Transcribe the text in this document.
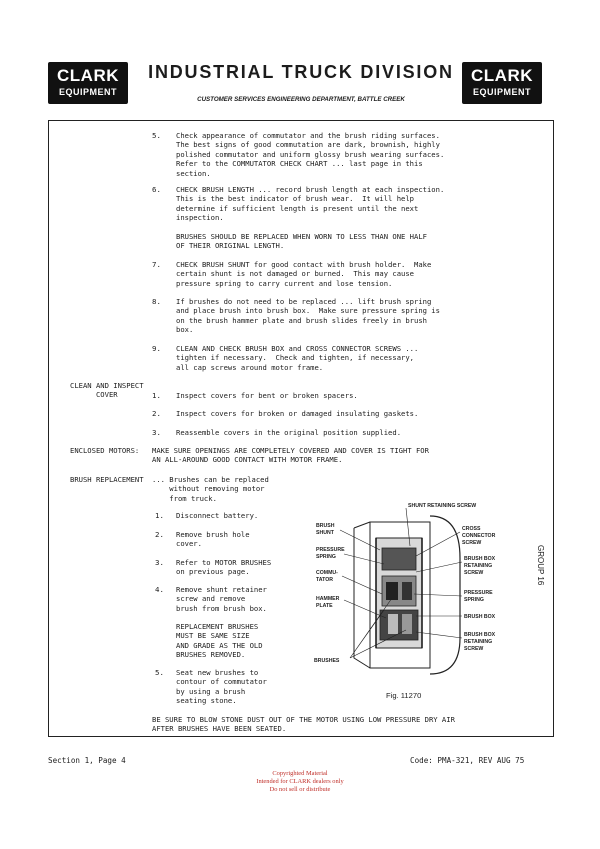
CLARK
EQUIPMENT
CLARK
EQUIPMENT
INDUSTRIAL TRUCK DIVISION
CUSTOMER SERVICES ENGINEERING DEPARTMENT, BATTLE CREEK
5. Check appearance of commutator and the brush riding surfaces.
The best signs of good commutation are dark, brownish, highly
polished commutator and uniform glossy brush wearing surfaces.
Refer to the COMMUTATOR CHECK CHART ... last page in this
section.
6. CHECK BRUSH LENGTH ... record brush length at each inspection.
This is the best indicator of brush wear.  It will help
determine if sufficient length is present until the next
inspection.
BRUSHES SHOULD BE REPLACED WHEN WORN TO LESS THAN ONE HALF
OF THEIR ORIGINAL LENGTH.
7. CHECK BRUSH SHUNT for good contact with brush holder.  Make
certain shunt is not damaged or burned.  This may cause
pressure spring to carry current and lose tension.
8. If brushes do not need to be replaced ... lift brush spring
and place brush into brush box.  Make sure pressure spring is
on the brush hammer plate and brush slides freely in brush
box.
9. CLEAN AND CHECK BRUSH BOX and CROSS CONNECTOR SCREWS ...
tighten if necessary.  Check and tighten, if necessary,
all cap screws around motor frame.
CLEAN AND INSPECT
COVER	1. Inspect covers for bent or broken spacers.
2. Inspect covers for broken or damaged insulating gaskets.
3. Reassemble covers in the original position supplied.
ENCLOSED MOTORS: MAKE SURE OPENINGS ARE COMPLETELY COVERED AND COVER IS TIGHT FOR
AN ALL-AROUND GOOD CONTACT WITH MOTOR FRAME.
BRUSH REPLACEMENT ... Brushes can be replaced
without removing motor
from truck.
1. Disconnect battery.
2. Remove brush hole
cover.
3. Refer to MOTOR BRUSHES
on previous page.
4. Remove shunt retainer
screw and remove
brush from brush box.
REPLACEMENT BRUSHES
MUST BE SAME SIZE
AND GRADE AS THE OLD
BRUSHES REMOVED.
5. Seat new brushes to
contour of commutator
by using a brush
seating stone.
BE SURE TO BLOW STONE DUST OUT OF THE MOTOR USING LOW PRESSURE DRY AIR
AFTER BRUSHES HAVE BEEN SEATED.
SHUNT RETAINING SCREW
BRUSH
SHUNT
PRESSURE
SPRING
COMMU-
TATOR
HAMMER
PLATE
BRUSHES
CROSS
CONNECTOR
SCREW
BRUSH BOX
RETAINING
SCREW
PRESSURE
SPRING
BRUSH BOX
BRUSH BOX
RETAINING
SCREW
Fig. 11270
GROUP 16
Section 1, Page 4	Code: PMA-321, REV AUG 75
Copyrighted Material
Intended for CLARK dealers only
Do not sell or distribute
